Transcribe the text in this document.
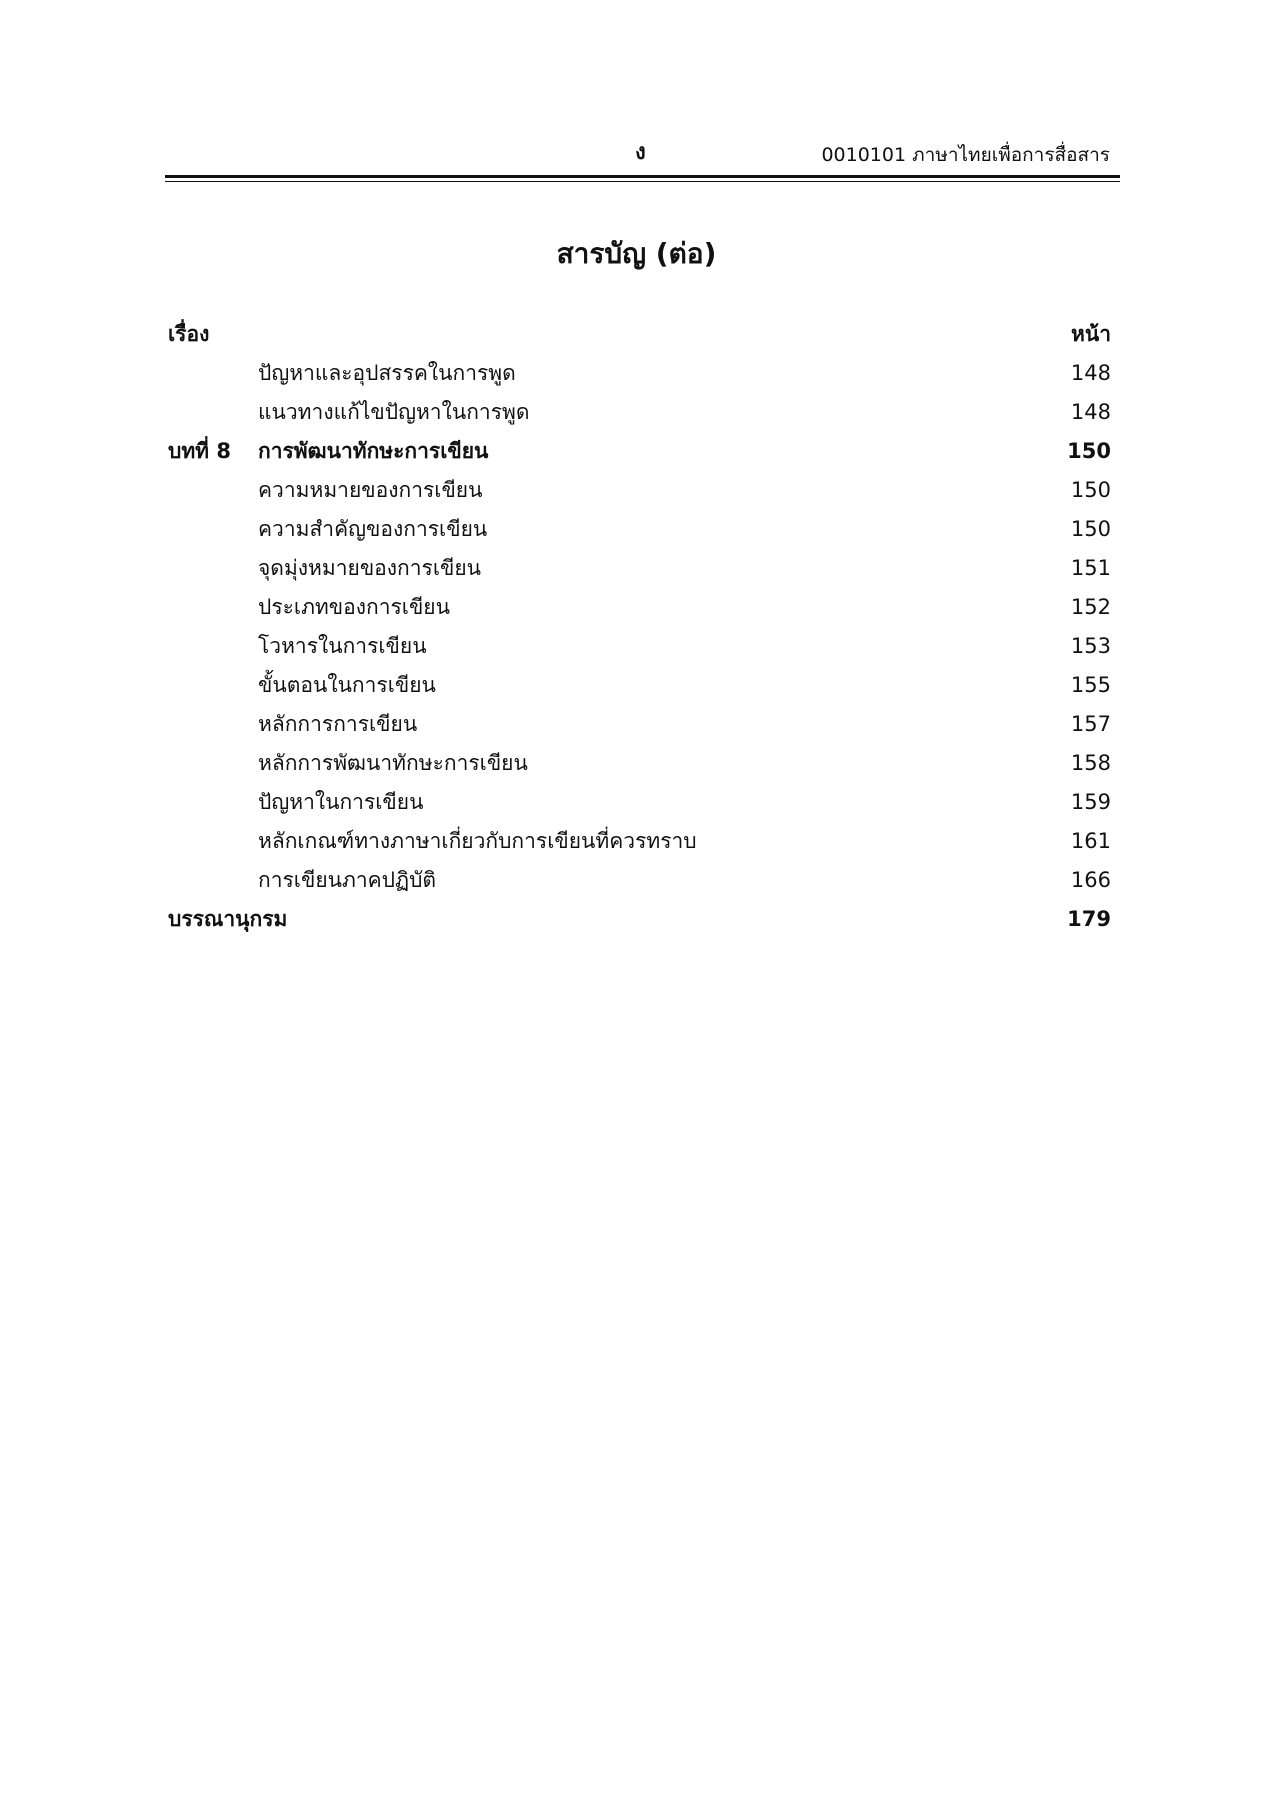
ง	0010101 ภาษาไทยเพื่อการสื่อสาร
สารบัญ (ต่อ)
เรื่อง	หน้า
ปัญหาและอุปสรรคในการพูด	148
แนวทางแก้ไขปัญหาในการพูด	148
บทที่ 8 การพัฒนาทักษะการเขียน	150
ความหมายของการเขียน	150
ความสำคัญของการเขียน	150
จุดมุ่งหมายของการเขียน	151
ประเภทของการเขียน	152
โวหารในการเขียน	153
ขั้นตอนในการเขียน	155
หลักการการเขียน	157
หลักการพัฒนาทักษะการเขียน	158
ปัญหาในการเขียน	159
หลักเกณฑ์ทางภาษาเกี่ยวกับการเขียนที่ควรทราบ	161
การเขียนภาคปฏิบัติ	166
บรรณานุกรม	179
